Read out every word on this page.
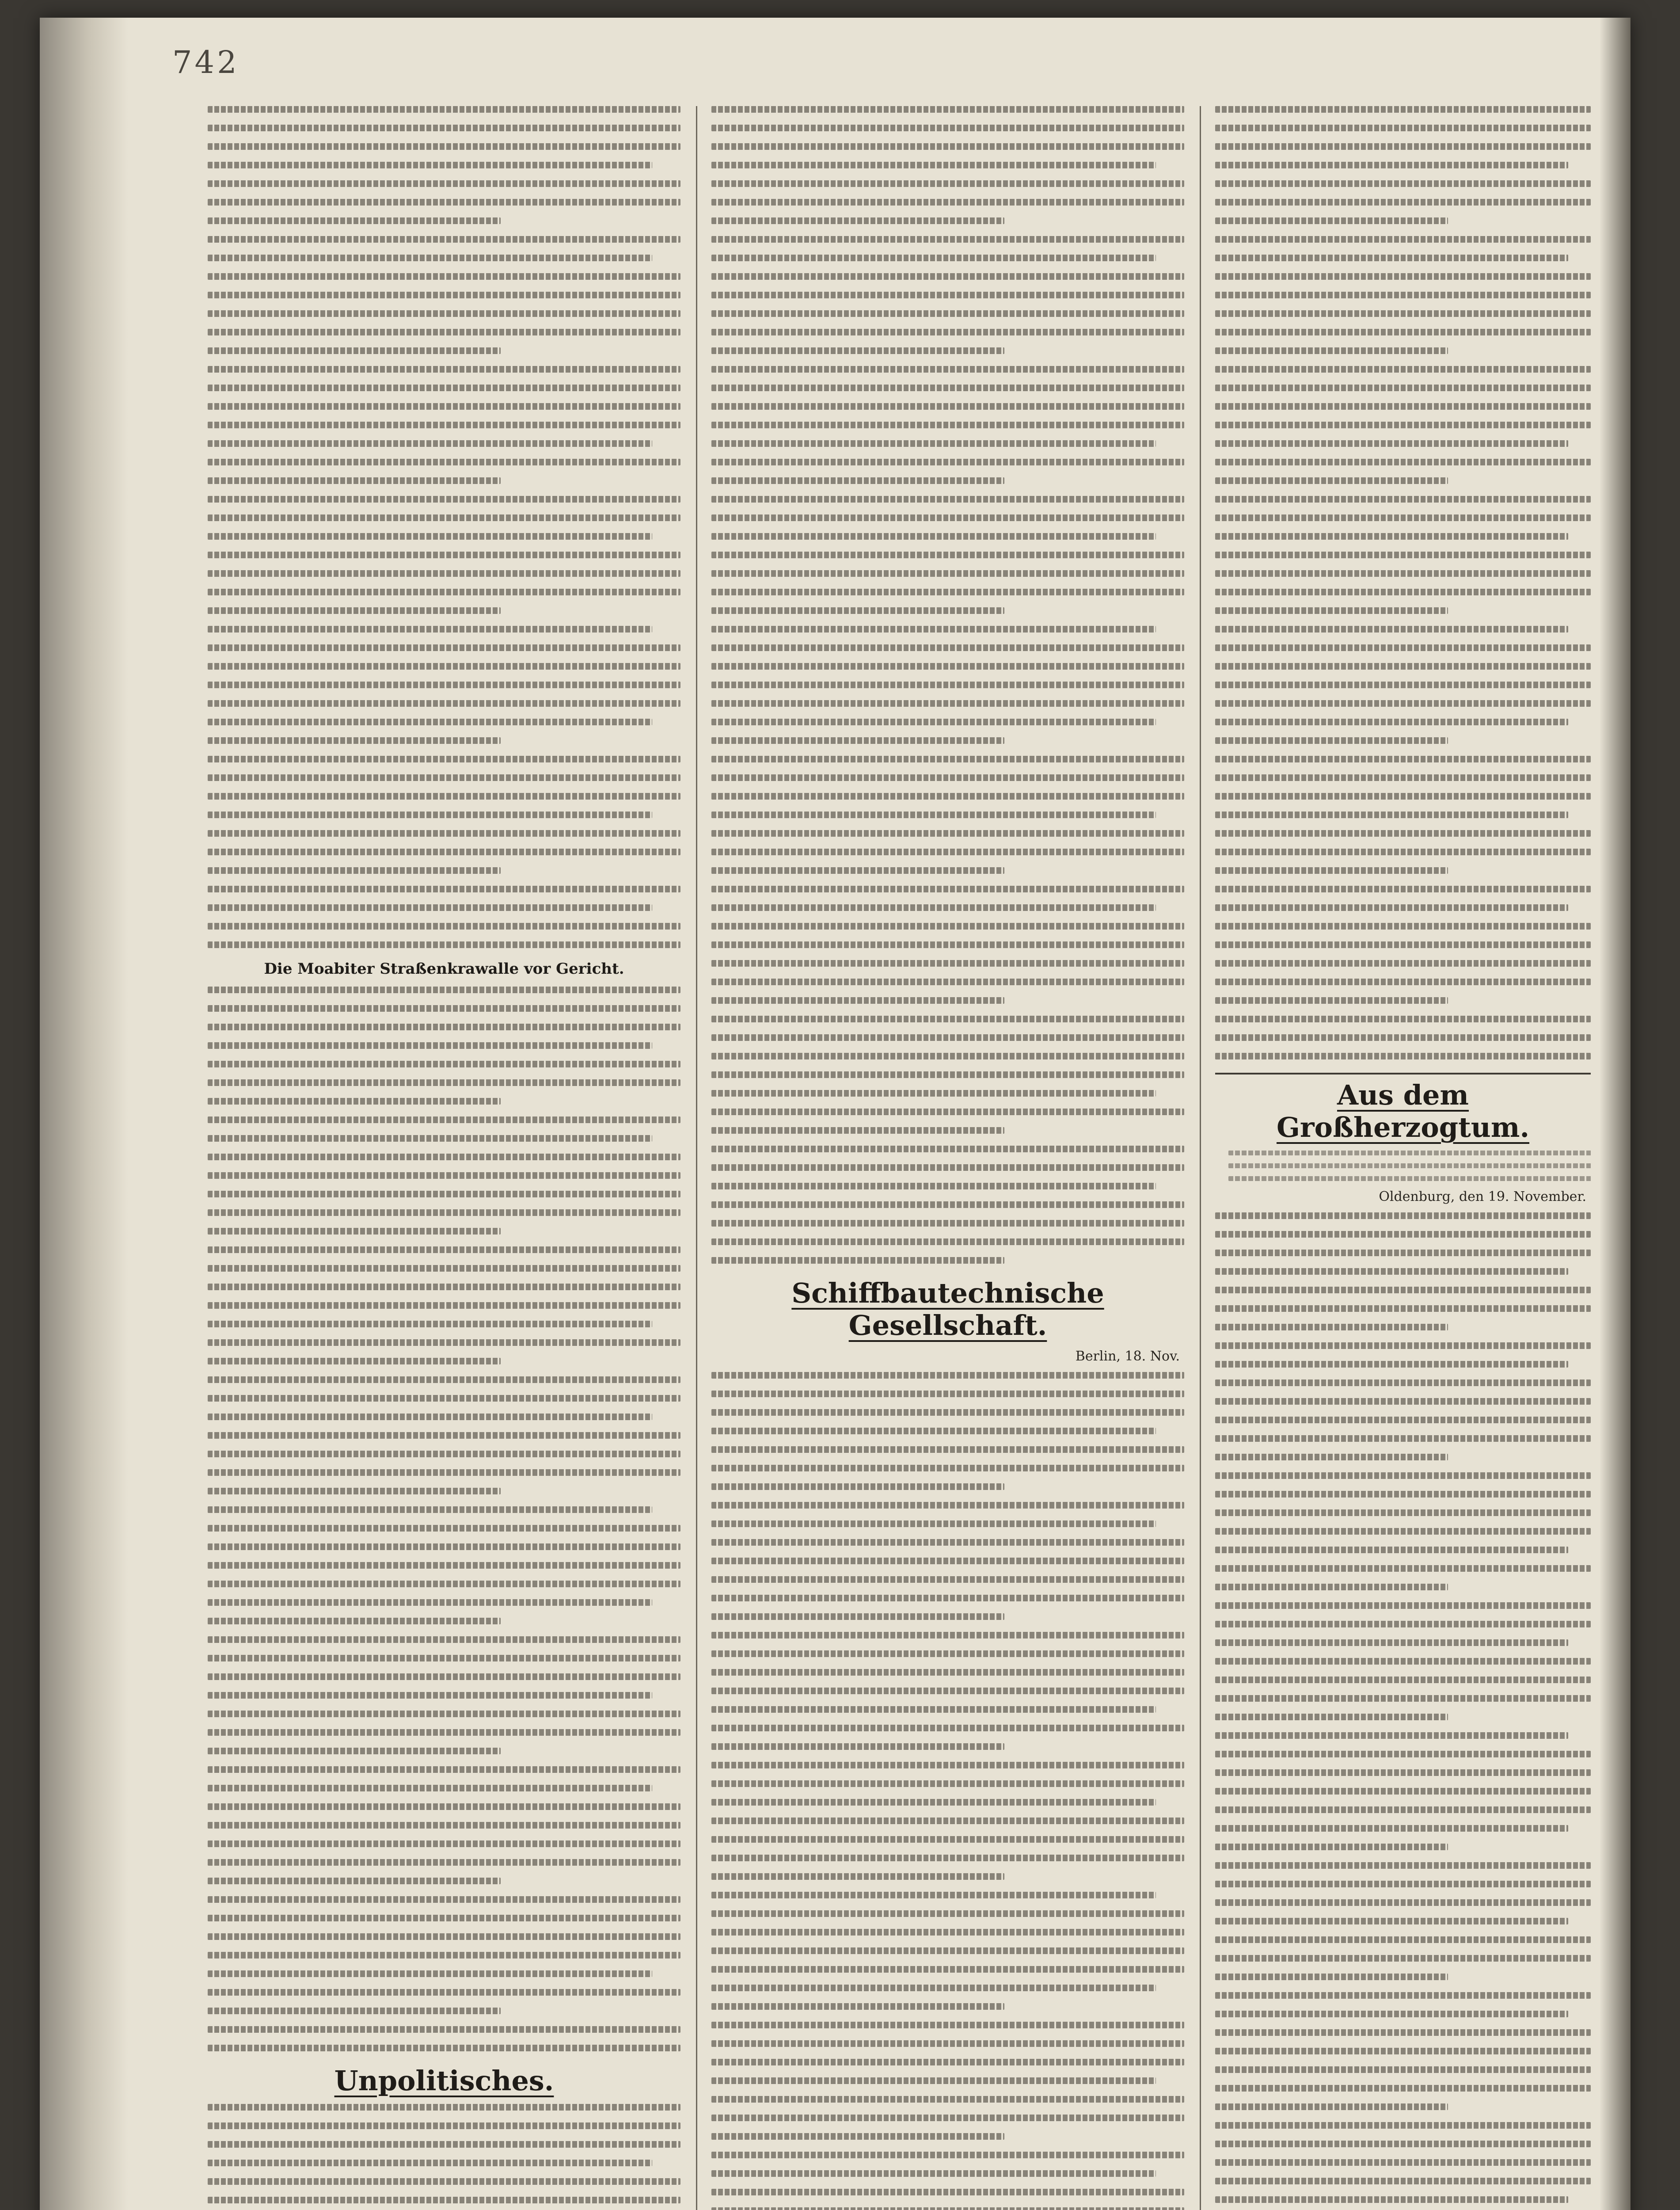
742
Die Moabiter Straßenkrawalle vor Gericht.
Unpolitisches.
Schiffbautechnische Gesellschaft.
Berlin, 18. Nov.
Aus dem Großherzogtum.
Oldenburg, den 19. November.
